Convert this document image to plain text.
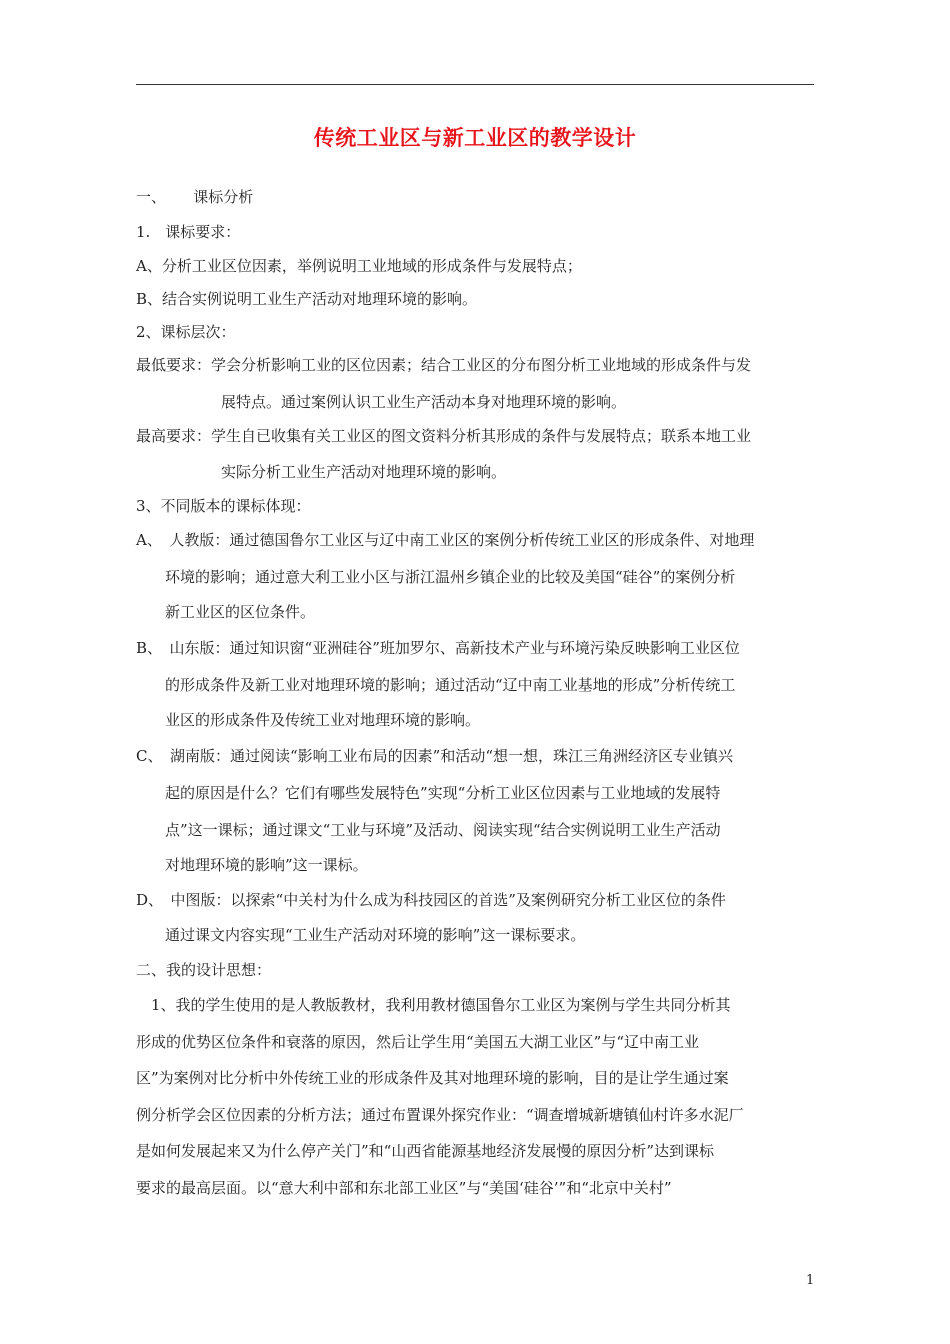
传统工业区与新工业区的教学设计
一、　　 课标分析
1.　课标要求：
A、分析工业区位因素，举例说明工业地域的形成条件与发展特点；
B、结合实例说明工业生产活动对地理环境的影响。
2、课标层次：
最低要求：学会分析影响工业的区位因素；结合工业区的分布图分析工业地域的形成条件与发
展特点。通过案例认识工业生产活动本身对地理环境的影响。
最高要求：学生自已收集有关工业区的图文资料分析其形成的条件与发展特点；联系本地工业
实际分析工业生产活动对地理环境的影响。
3、不同版本的课标体现：
A、　人教版：通过德国鲁尔工业区与辽中南工业区的案例分析传统工业区的形成条件、对地理
环境的影响；通过意大利工业小区与浙江温州乡镇企业的比较及美国“硅谷”的案例分析
新工业区的区位条件。
B、　山东版：通过知识窗“亚洲硅谷”班加罗尔、高新技术产业与环境污染反映影响工业区位
的形成条件及新工业对地理环境的影响；通过活动“辽中南工业基地的形成”分析传统工
业区的形成条件及传统工业对地理环境的影响。
C、　湖南版：通过阅读“影响工业布局的因素”和活动“想一想，珠江三角洲经济区专业镇兴
起的原因是什么？它们有哪些发展特色”实现“分析工业区位因素与工业地域的发展特
点”这一课标；通过课文“工业与环境”及活动、阅读实现“结合实例说明工业生产活动
对地理环境的影响”这一课标。
D、　中图版：以探索“中关村为什么成为科技园区的首选”及案例研究分析工业区位的条件
通过课文内容实现“工业生产活动对环境的影响”这一课标要求。
二、我的设计思想：
　1、我的学生使用的是人教版教材，我利用教材德国鲁尔工业区为案例与学生共同分析其
形成的优势区位条件和衰落的原因，然后让学生用“美国五大湖工业区”与“辽中南工业
区”为案例对比分析中外传统工业的形成条件及其对地理环境的影响，目的是让学生通过案
例分析学会区位因素的分析方法；通过布置课外探究作业：“调查增城新塘镇仙村许多水泥厂
是如何发展起来又为什么停产关门”和“山西省能源基地经济发展慢的原因分析”达到课标
要求的最高层面。以“意大利中部和东北部工业区”与“美国‘硅谷’”和“北京中关村”
1
